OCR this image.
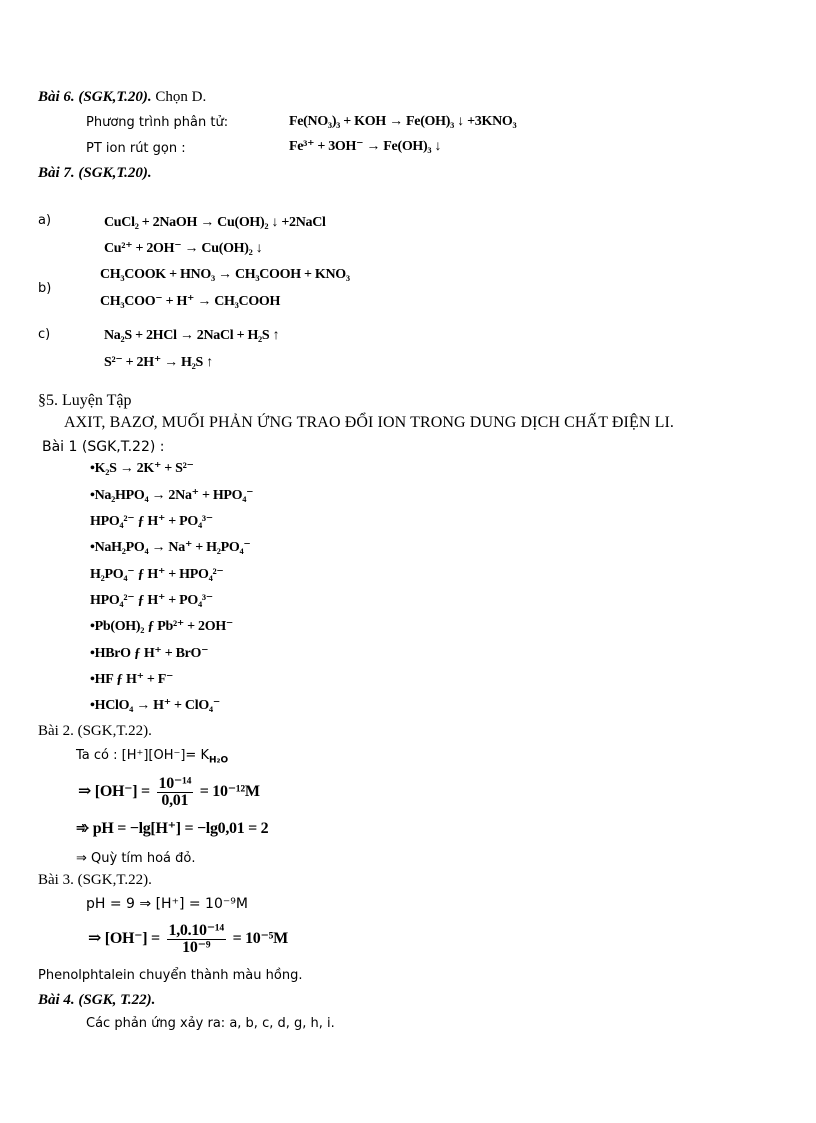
Bài 6. (SGK,T.20). Chọn D.
Phương trình phân tử:	Fe(NO₃)₃ + KOH → Fe(OH)₃ ↓ +3KNO₃
PT ion rút gọn :	Fe³⁺ + 3OH⁻ → Fe(OH)₃ ↓
Bài 7. (SGK,T.20).
a)	CuCl₂ + 2NaOH → Cu(OH)₂ ↓ +2NaCl
Cu²⁺ + 2OH⁻ → Cu(OH)₂ ↓
b)
CH₃COOK + HNO₃ → CH₃COOH + KNO₃
CH₃COO⁻ + H⁺ → CH₃COOH
c)	Na₂S + 2HCl → 2NaCl + H₂S ↑
S²⁻ + 2H⁺ → H₂S ↑
§5. Luyện Tập
AXIT, BAZƠ, MUỐI PHẢN ỨNG TRAO ĐỔI ION TRONG DUNG DỊCH CHẤT ĐIỆN LI.
Bài 1 (SGK,T.22) :
•K₂S → 2K⁺ + S²⁻
•Na₂HPO₄ → 2Na⁺ + HPO₄⁻
HPO₄²⁻ ƒ H⁺ + PO₄³⁻
•NaH₂PO₄ → Na⁺ + H₂PO₄⁻
H₂PO₄⁻ ƒ H⁺ + HPO₄²⁻
HPO₄²⁻ ƒ H⁺ + PO₄³⁻
•Pb(OH)₂ ƒ Pb²⁺ + 2OH⁻
•HBrO ƒ H⁺ + BrO⁻
•HF ƒ H⁺ + F⁻
•HClO₄ → H⁺ + ClO₄⁻
Bài 2. (SGK,T.22).
Ta có : $[H^+][OH^-]= K_{H_2O}$
⇒ $[OH^-] = \frac{\text{10⁻¹⁴}}{0,01} = 10^{-12}M$
➾ pH = −lg[H⁺] = −lg0,01 = 2
⇒ Quỳ tím hoá đỏ.
Bài 3. (SGK,T.22).
pH = 9 ⇒ [H⁺] = 10⁻⁹M
⇒ $[OH^-] = \frac{\text{1,0.10⁻¹⁴}}{\text{10⁻⁹}} = 10^{-5}M$
Phenolphtalein chuyển thành màu hồng.
Bài 4. (SGK, T.22).
Các phản ứng xảy ra: a, b, c, d, g, h, i.
